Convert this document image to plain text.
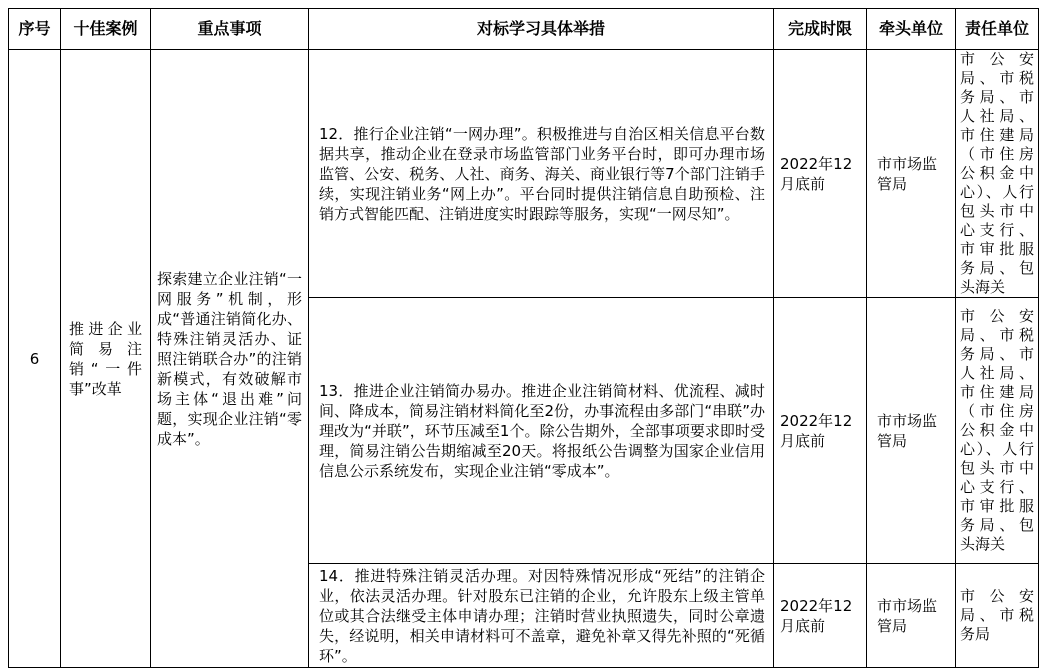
序号	十佳案例	重点事项	对标学习具体举措	完成时限	牵头单位	责任单位
6	推进企业简易注销“一件事”改革	探索建立企业注销“一网服务”机制，形成“普通注销简化办、特殊注销灵活办、证照注销联合办”的注销新模式，有效破解市场主体“退出难”问题，实现企业注销“零成本”。	12．推行企业注销“一网办理”。积极推进与自治区相关信息平台数据共享，推动企业在登录市场监管部门业务平台时，即可办理市场监管、公安、税务、人社、商务、海关、商业银行等7个部门注销手续，实现注销业务“网上办”。平台同时提供注销信息自助预检、注销方式智能匹配、注销进度实时跟踪等服务，实现“一网尽知”。	2022年12月底前	市市场监管局	市公安局、市税务局、市人社局、市住建局（市住房公积金中心）、人行包头市中心支行、市审批服务局、包头海关
			13．推进企业注销简办易办。推进企业注销简材料、优流程、减时间、降成本，简易注销材料简化至2份，办事流程由多部门“串联”办理改为“并联”，环节压减至1个。除公告期外，全部事项要求即时受理，简易注销公告期缩减至20天。将报纸公告调整为国家企业信用信息公示系统发布，实现企业注销“零成本”。	2022年12月底前	市市场监管局	市公安局、市税务局、市人社局、市住建局（市住房公积金中心）、人行包头市中心支行、市审批服务局、包头海关
			14．推进特殊注销灵活办理。对因特殊情况形成“死结”的注销企业，依法灵活办理。针对股东已注销的企业，允许股东上级主管单位或其合法继受主体申请办理；注销时营业执照遗失，同时公章遗失，经说明，相关申请材料可不盖章，避免补章又得先补照的“死循环”。	2022年12月底前	市市场监管局	市公安局、市税务局
